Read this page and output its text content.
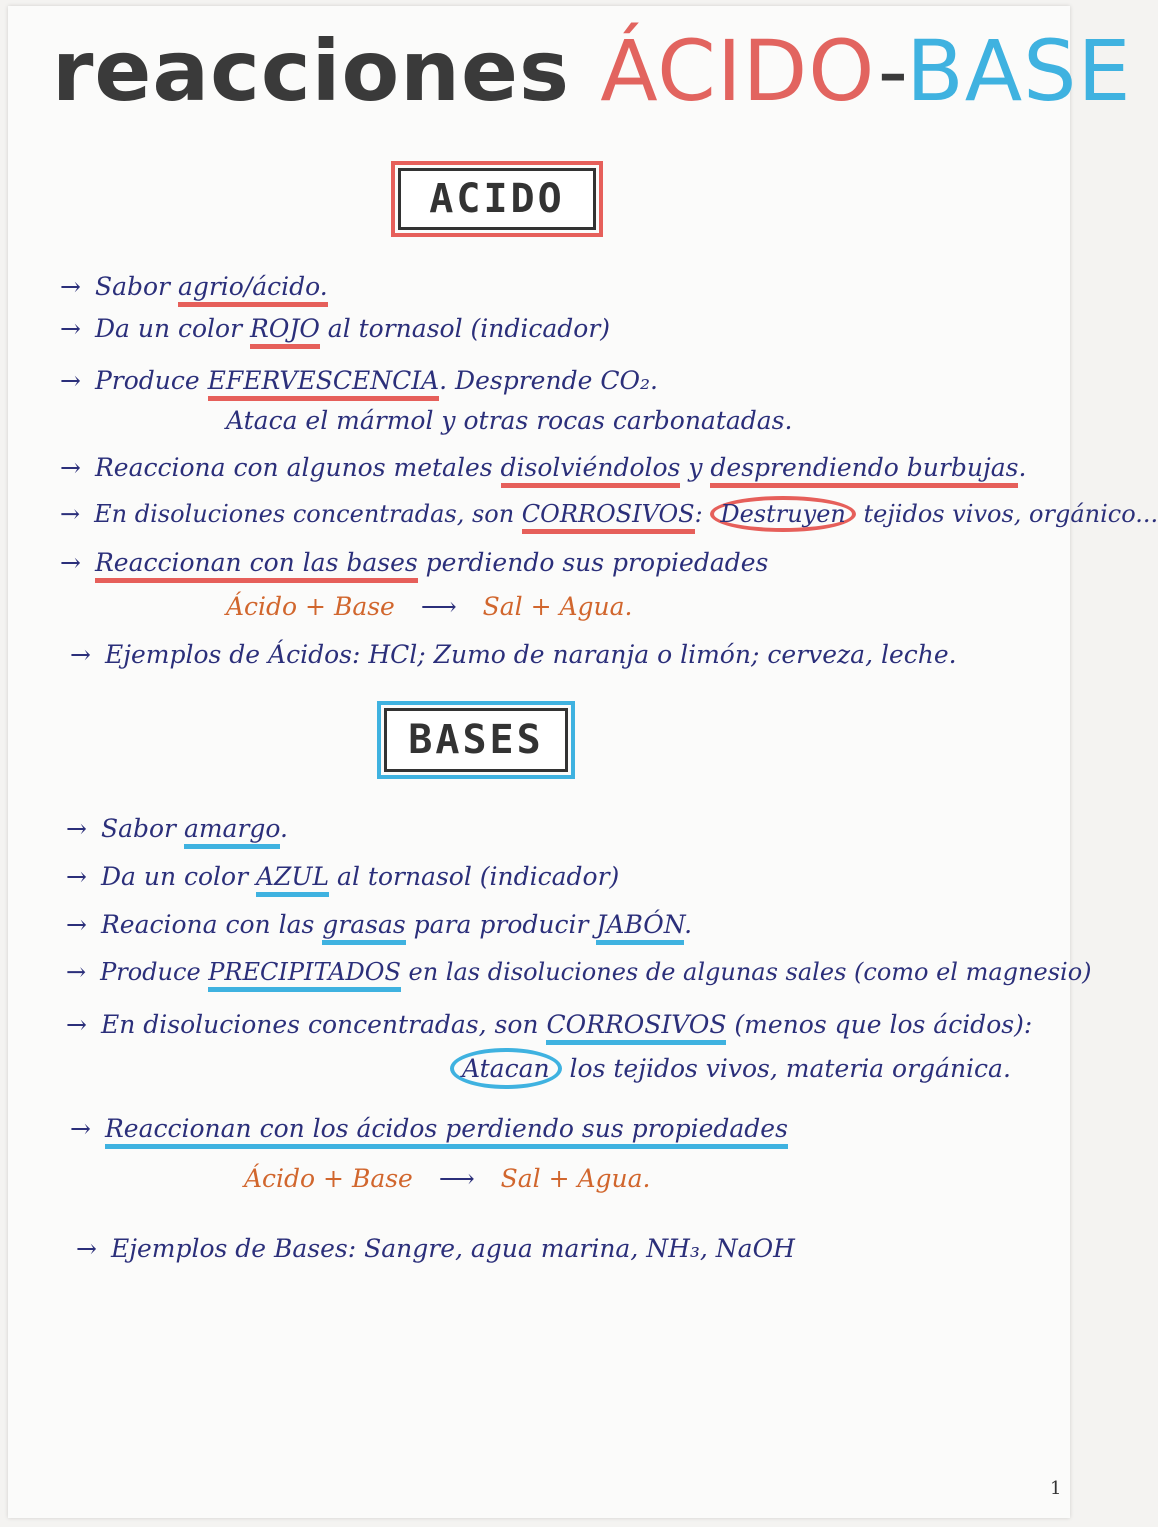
reacciones ÁCIDO-BASE
ACIDO
→ Sabor agrio/ácido.
→ Da un color ROJO al tornasol (indicador)
→ Produce EFERVESCENCIA. Desprende CO₂.
Ataca el mármol y otras rocas carbonatadas.
→ Reacciona con algunos metales disolviéndolos y desprendiendo burbujas.
→ En disoluciones concentradas, son CORROSIVOS: Destruyen tejidos vivos, orgánico...
→ Reaccionan con las bases perdiendo sus propiedades
Ácido + Base ⟶ Sal + Agua.
→ Ejemplos de Ácidos: HCl; Zumo de naranja o limón; cerveza, leche.
BASES
→ Sabor amargo.
→ Da un color AZUL al tornasol (indicador)
→ Reaciona con las grasas para producir JABÓN.
→ Produce PRECIPITADOS en las disoluciones de algunas sales (como el magnesio)
→ En disoluciones concentradas, son CORROSIVOS (menos que los ácidos):
Atacan los tejidos vivos, materia orgánica.
→ Reaccionan con los ácidos perdiendo sus propiedades
Ácido + Base ⟶ Sal + Agua.
→ Ejemplos de Bases: Sangre, agua marina, NH₃, NaOH
1
